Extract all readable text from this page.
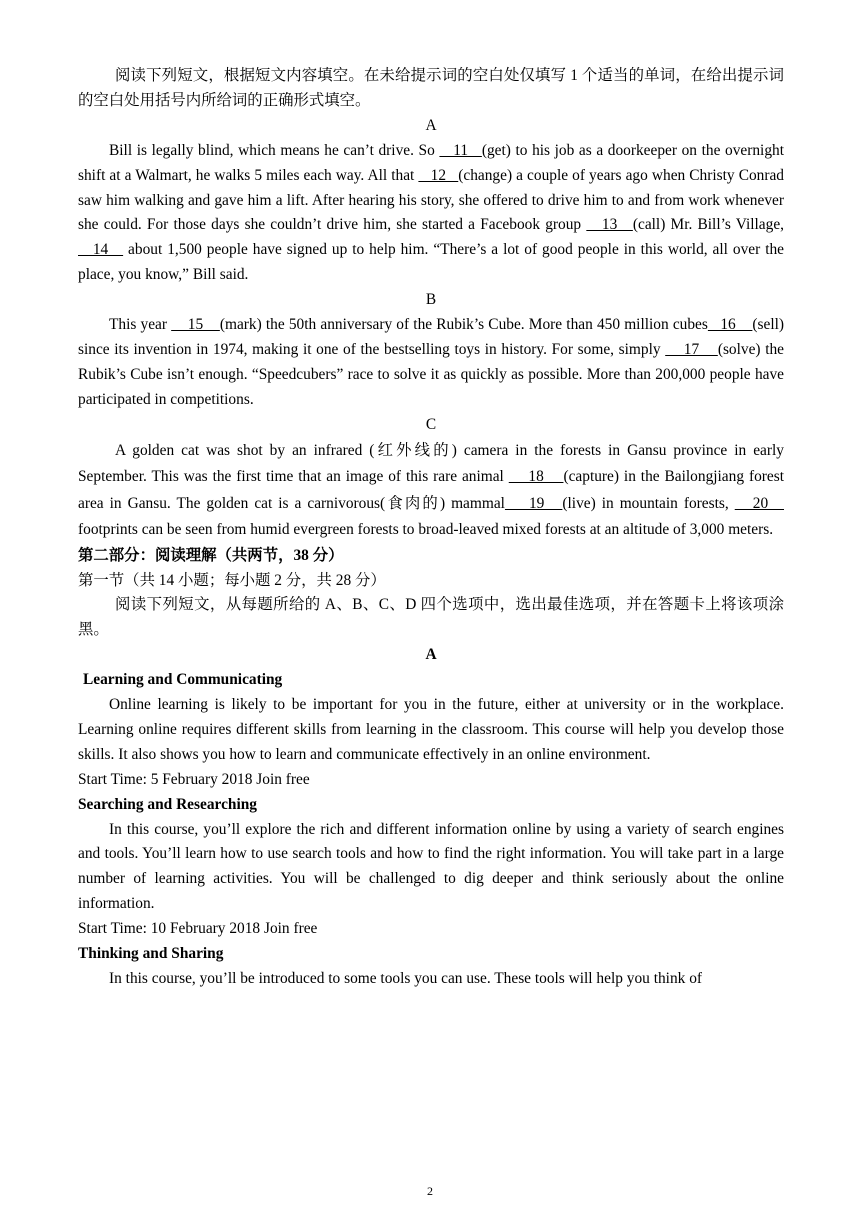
阅读下列短文，根据短文内容填空。在未给提示词的空白处仅填写 1 个适当的单词，在给出提示词的空白处用括号内所给词的正确形式填空。

A

Bill is legally blind, which means he can’t drive. So    11   (get) to his job as a doorkeeper on the overnight shift at a Walmart, he walks 5 miles each way. All that    12   (change) a couple of years ago when Christy Conrad saw him walking and gave him a lift. After hearing his story, she offered to drive him to and from work whenever she could. For those days she couldn’t drive him, she started a Facebook group    13   (call) Mr. Bill’s Village,    14    about 1,500 people have signed up to help him. “There’s a lot of good people in this world, all over the place, you know,” Bill said.

B

This year     15    (mark) the 50th anniversary of the Rubik’s Cube. More than 450 million cubes   16    (sell) since its invention in 1974, making it one of the bestselling toys in history. For some, simply     17    (solve) the Rubik’s Cube isn’t enough. “Speedcubers” race to solve it as quickly as possible. More than 200,000 people have participated in competitions.

C

A golden cat was shot by an infrared (红外线的) camera in the forests in Gansu province in early September. This was the first time that an image of this rare animal     18    (capture) in the Bailongjiang forest area in Gansu. The golden cat is a carnivorous(食肉的) mammal    19   (live) in mountain forests,    20    footprints can be seen from humid evergreen forests to broad-leaved mixed forests at an altitude of 3,000 meters.

第二部分：阅读理解（共两节，38 分）

第一节（共 14 小题；每小题 2 分，共 28 分）

阅读下列短文，从每题所给的 A、B、C、D 四个选项中，选出最佳选项，并在答题卡上将该项涂黑。

A

Learning and Communicating

Online learning is likely to be important for you in the future, either at university or in the workplace. Learning online requires different skills from learning in the classroom. This course will help you develop those skills. It also shows you how to learn and communicate effectively in an online environment.

Start Time: 5 February 2018 Join free

Searching and Researching

In this course, you’ll explore the rich and different information online by using a variety of search engines and tools. You’ll learn how to use search tools and how to find the right information. You will take part in a large number of learning activities. You will be challenged to dig deeper and think seriously about the online information.

Start Time: 10 February 2018 Join free

Thinking and Sharing

In this course, you’ll be introduced to some tools you can use. These tools will help you think of

2
